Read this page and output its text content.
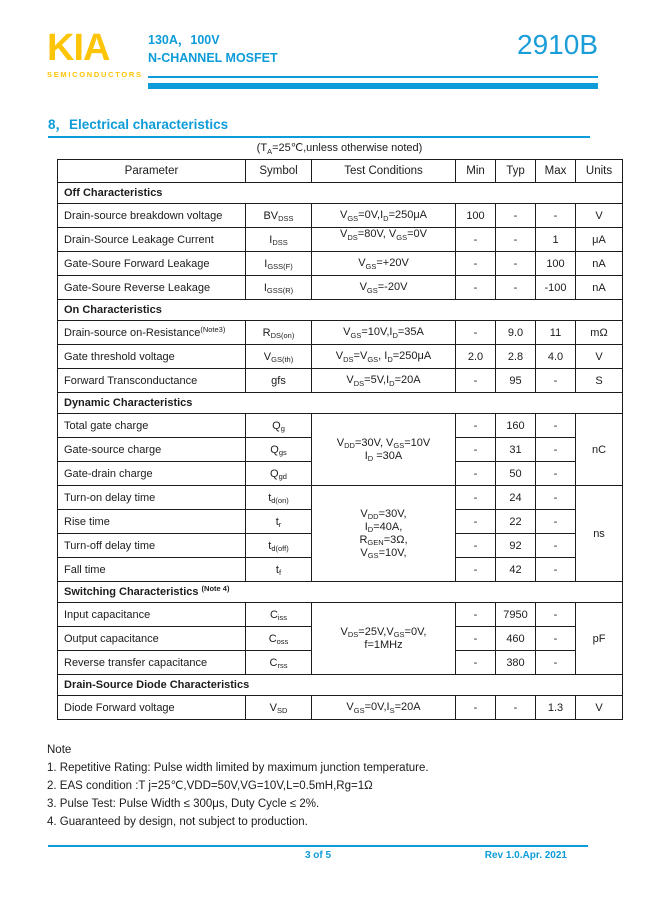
KIA
SEMICONDUCTORS
130A，100V
N-CHANNEL MOSFET	2910B
8，Electrical characteristics
($T_A=25℃,unless$ otherwise noted)
Parameter	Symbol	Test Conditions	Min	Typ	Max	Units
Off Characteristics						
Drain-source breakdown voltage	$BV_{DSS}$	$V_{GS}=0V,I_D=250\mu A$	100	-	-	V
Drain-Source Leakage Current	$I_{DSS}$	$V_{DS}=80V$, $V_{GS}=0V$	-	-	1	μA
Gate-Soure Forward Leakage	$I_{GSS(F)}$	$V_{GS}=+20V$	-	-	100	nA
Gate-Soure Reverse Leakage	$I_{GSS(R)}$	$V_{GS}=-20V$	-	-	-100	nA
On Characteristics						
Drain-source on-Resistance$^{(Note3)}$	$R_{DS(on)}$	$V_{GS}=10V,I_D=35A$	-	9.0	11	mΩ
Gate threshold voltage	$V_{GS(th)}$	$V_{DS}=V_{GS}$, $I_D=250\mu A$	2.0	2.8	4.0	V
Forward Transconductance	gfs	$V_{DS}=5V,I_D=20A$	-	95	-	S
Dynamic Characteristics						
Total gate charge	$Q_g$	$V_{DD}=30V$, $V_{GS}=10V$
$I_D =30A$	-	160	-	nC
Gate-source charge	$Q_{gs}$		-	31	-	
Gate-drain charge	$Q_{gd}$		-	50	-	
Turn-on delay time	$t_{d(on)}$	$V_{DD}=30V$,
$I_D=40A$,
$R_{GEN}=3\Omega$,
$V_{GS}=10V$,	-	24	-	ns
Rise time	$t_r$		-	22	-	
Turn-off delay time	$t_{d(off)}$		-	92	-	
Fall time	$t_f$		-	42	-	
Switching Characteristics $^{(Note 4)}$
Input capacitance	$C_{iss}$	$V_{DS}=25V,V_{GS}=0V$,
f=1MHz	-	7950	-	pF
Output capacitance	$C_{oss}$		-	460	-	
Reverse transfer capacitance	$C_{rss}$		-	380	-	
Drain-Source Diode Characteristics						
Diode Forward voltage	$V_{SD}$	$V_{GS}=0V,I_S=20A$	-	-	1.3	V
Note
1. Repetitive Rating: Pulse width limited by maximum junction temperature.
2. EAS condition :T j=25℃,VDD=50V,VG=10V,L=0.5mH,Rg=1Ω
3. Pulse Test: Pulse Width ≤ 300μs, Duty Cycle ≤ 2%.
4. Guaranteed by design, not subject to production.
3 of 5	Rev 1.0.Apr. 2021
